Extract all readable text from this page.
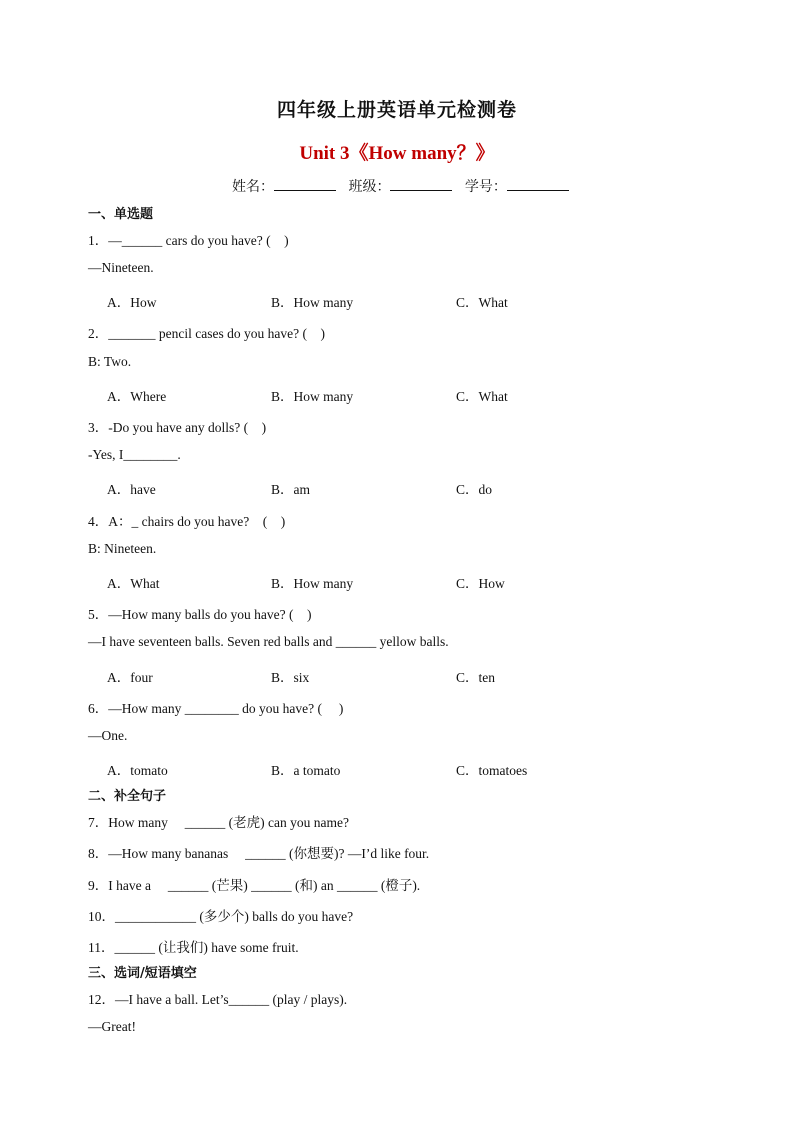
四年级上册英语单元检测卷
Unit 3《How many？》
姓名：	班级：	学号：
一、单选题
1．—______ cars do you have? (　)
—Nineteen.
A．How	B．How many	C．What
2．_______ pencil cases do you have? (　)
B: Two.
A．Where	B．How many	C．What
3．-Do you have any dolls? (　)
-Yes, I________.
A．have	B．am	C．do
4．A：_ chairs do you have?　(　)
B: Nineteen.
A．What	B．How many	C．How
5．—How many balls do you have? (　)
—I have seventeen balls. Seven red balls and ______ yellow balls.
A．four	B．six	C．ten
6．—How many ________ do you have? (　 )
—One.
A．tomato	B．a tomato	C．tomatoes
二、补全句子
7．How many　 ______ (老虎) can you name?
8．—How many bananas　 ______ (你想要)? —I’d like four.
9．I have a　 ______ (芒果) ______ (和) an ______ (橙子).
10．____________ (多少个) balls do you have?
11．______ (让我们) have some fruit.
三、选词/短语填空
12．—I have a ball. Let’s______ (play / plays).
—Great!
